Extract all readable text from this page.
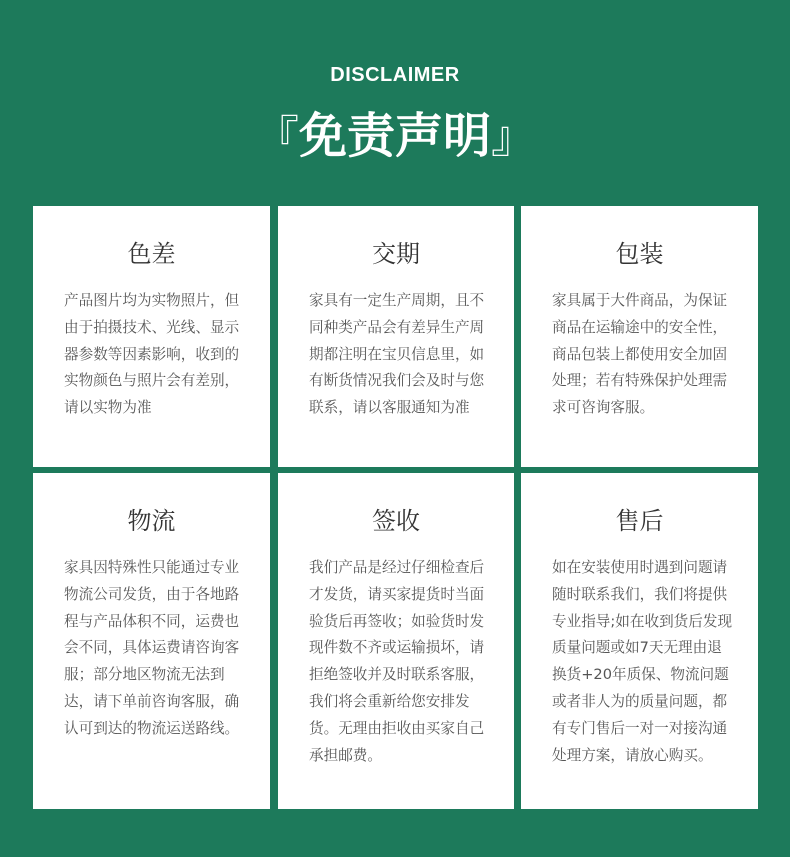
DISCLAIMER
『免责声明』
色差

产品图片均为实物照片，但由于拍摄技术、光线、显示器参数等因素影响，收到的实物颜色与照片会有差别，请以实物为准

交期

家具有一定生产周期，且不同种类产品会有差异生产周期都注明在宝贝信息里，如有断货情况我们会及时与您联系，请以客服通知为准

包装

家具属于大件商品，为保证商品在运输途中的安全性，商品包装上都使用安全加固处理；若有特殊保护处理需求可咨询客服。

物流

家具因特殊性只能通过专业物流公司发货，由于各地路程与产品体积不同，运费也会不同，具体运费请咨询客服；部分地区物流无法到达，请下单前咨询客服，确认可到达的物流运送路线。

签收

我们产品是经过仔细检查后才发货，请买家提货时当面验货后再签收；如验货时发现件数不齐或运输损坏，请拒绝签收并及时联系客服，我们将会重新给您安排发货。无理由拒收由买家自己承担邮费。

售后

如在安装使用时遇到问题请随时联系我们，我们将提供专业指导;如在收到货后发现质量问题或如7天无理由退换货+20年质保、物流问题或者非人为的质量问题，都有专门售后一对一对接沟通处理方案，请放心购买。
